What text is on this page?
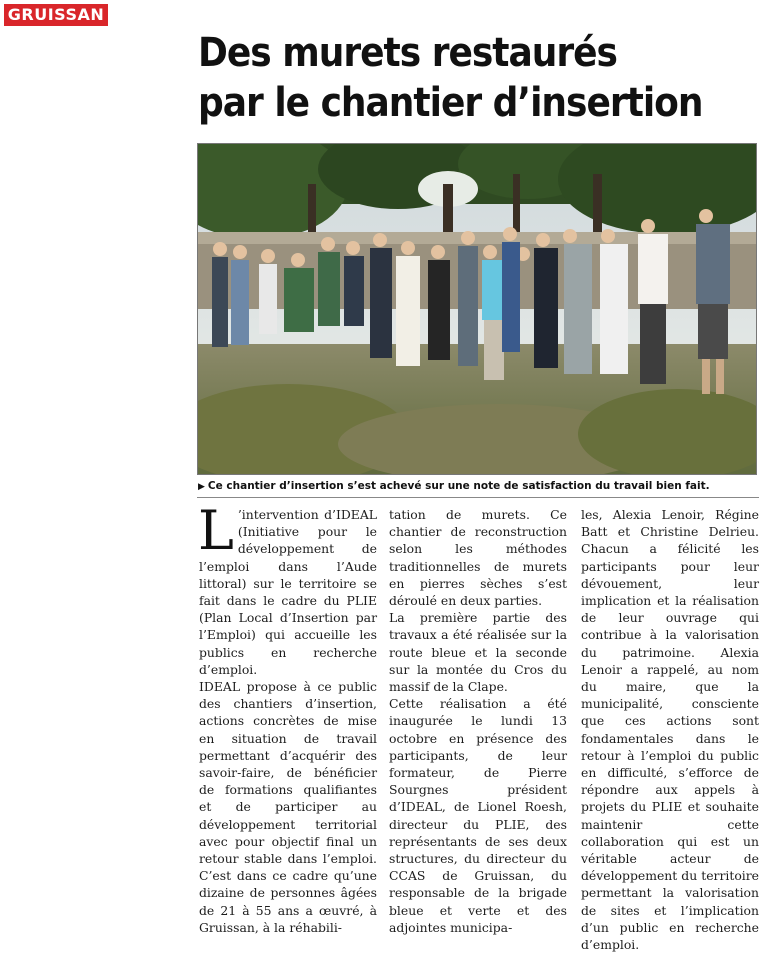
GRUISSAN
Des murets restaurés
par le chantier d’insertion
▶ Ce chantier d’insertion s’est achevé sur une note de satisfaction du travail bien fait.

L ’intervention d’IDEAL (Initiative pour le développement de l’emploi dans l’Aude littoral) sur le territoire se fait dans le cadre du PLIE (Plan Local d’Insertion par l’Emploi) qui accueille les publics en recherche d’emploi.

IDEAL propose à ce public des chantiers d’insertion, actions concrètes de mise en situation de travail permettant d’acquérir des savoir-faire, de bénéficier de formations qualifiantes et de participer au développement territorial avec pour objectif final un retour stable dans l’emploi. C’est dans ce cadre qu’une dizaine de personnes âgées de 21 à 55 ans a œuvré, à Gruissan, à la réhabili-

tation de murets. Ce chantier de reconstruction selon les méthodes traditionnelles de murets en pierres sèches s’est déroulé en deux parties.

La première partie des travaux a été réalisée sur la route bleue et la seconde sur la montée du Cros du massif de la Clape.

Cette réalisation a été inaugurée le lundi 13 octobre en présence des participants, de leur formateur, de Pierre Sourgnes président d’IDEAL, de Lionel Roesh, directeur du PLIE, des représentants de ses deux structures, du directeur du CCAS de Gruissan, du responsable de la brigade bleue et verte et des adjointes municipa-

les, Alexia Lenoir, Régine Batt et Christine Delrieu. Chacun a félicité les participants pour leur dévouement, leur implication et la réalisation de leur ouvrage qui contribue à la valorisation du patrimoine. Alexia Lenoir a rappelé, au nom du maire, que la municipalité, consciente que ces actions sont fondamentales dans le retour à l’emploi du public en difficulté, s’efforce de répondre aux appels à projets du PLIE et souhaite maintenir cette collaboration qui est un véritable acteur de développement du territoire permettant la valorisation de sites et l’implication d’un public en recherche d’emploi.
